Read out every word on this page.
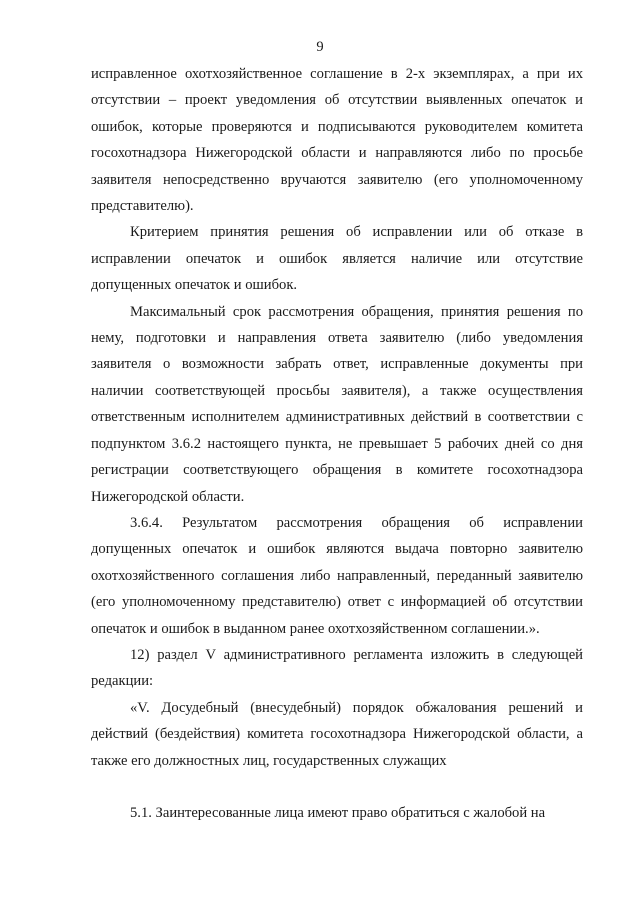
9

исправленное охотхозяйственное соглашение в 2-х экземплярах, а при их отсутствии – проект уведомления об отсутствии выявленных опечаток и ошибок, которые проверяются и подписываются руководителем комитета госохотнадзора Нижегородской области и направляются либо по просьбе заявителя непосредственно вручаются заявителю (его уполномоченному представителю).

Критерием принятия решения об исправлении или об отказе в исправлении опечаток и ошибок является наличие или отсутствие допущенных опечаток и ошибок.

Максимальный срок рассмотрения обращения, принятия решения по нему, подготовки и направления ответа заявителю (либо уведомления заявителя о возможности забрать ответ, исправленные документы при наличии соответствующей просьбы заявителя), а также осуществления ответственным исполнителем административных действий в соответствии с подпунктом 3.6.2 настоящего пункта, не превышает 5 рабочих дней со дня регистрации соответствующего обращения в комитете госохотнадзора Нижегородской области.

3.6.4. Результатом рассмотрения обращения об исправлении допущенных опечаток и ошибок являются выдача повторно заявителю охотхозяйственного соглашения либо направленный, переданный заявителю (его уполномоченному представителю) ответ с информацией об отсутствии опечаток и ошибок в выданном ранее охотхозяйственном соглашении.».

12) раздел V административного регламента изложить в следующей редакции:

«V. Досудебный (внесудебный) порядок обжалования решений и действий (бездействия) комитета госохотнадзора Нижегородской области, а также его должностных лиц, государственных служащих

5.1. Заинтересованные лица имеют право обратиться с жалобой на
